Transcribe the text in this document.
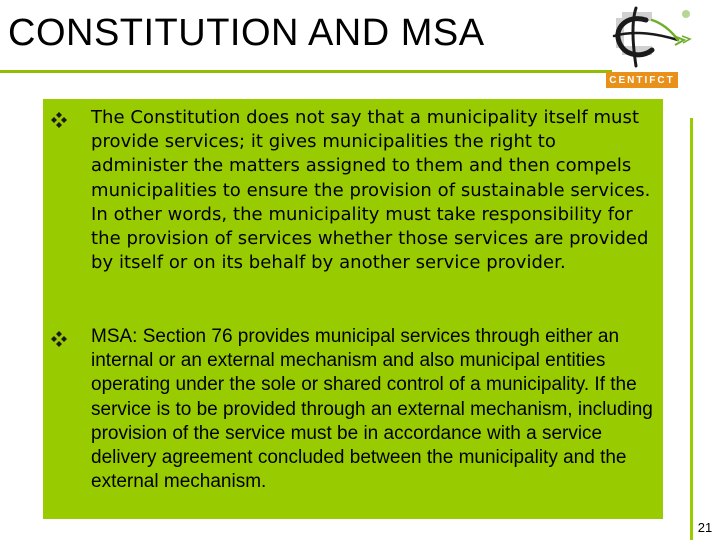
CONSTITUTION AND MSA
CENTIFCT

The Constitution does not say that a municipality itself must provide services; it gives municipalities the right to administer the matters assigned to them and then compels municipalities to ensure the provision of sustainable services. In other words, the municipality must take responsibility for the provision of services whether those services are provided by itself or on its behalf by another service provider.

MSA: Section 76 provides municipal services through either an internal or an external mechanism and also municipal entities operating under the sole or shared control of a municipality. If the service is to be provided through an external mechanism, including provision of the service must be in accordance with a service delivery agreement concluded between the municipality and the external mechanism.

21
